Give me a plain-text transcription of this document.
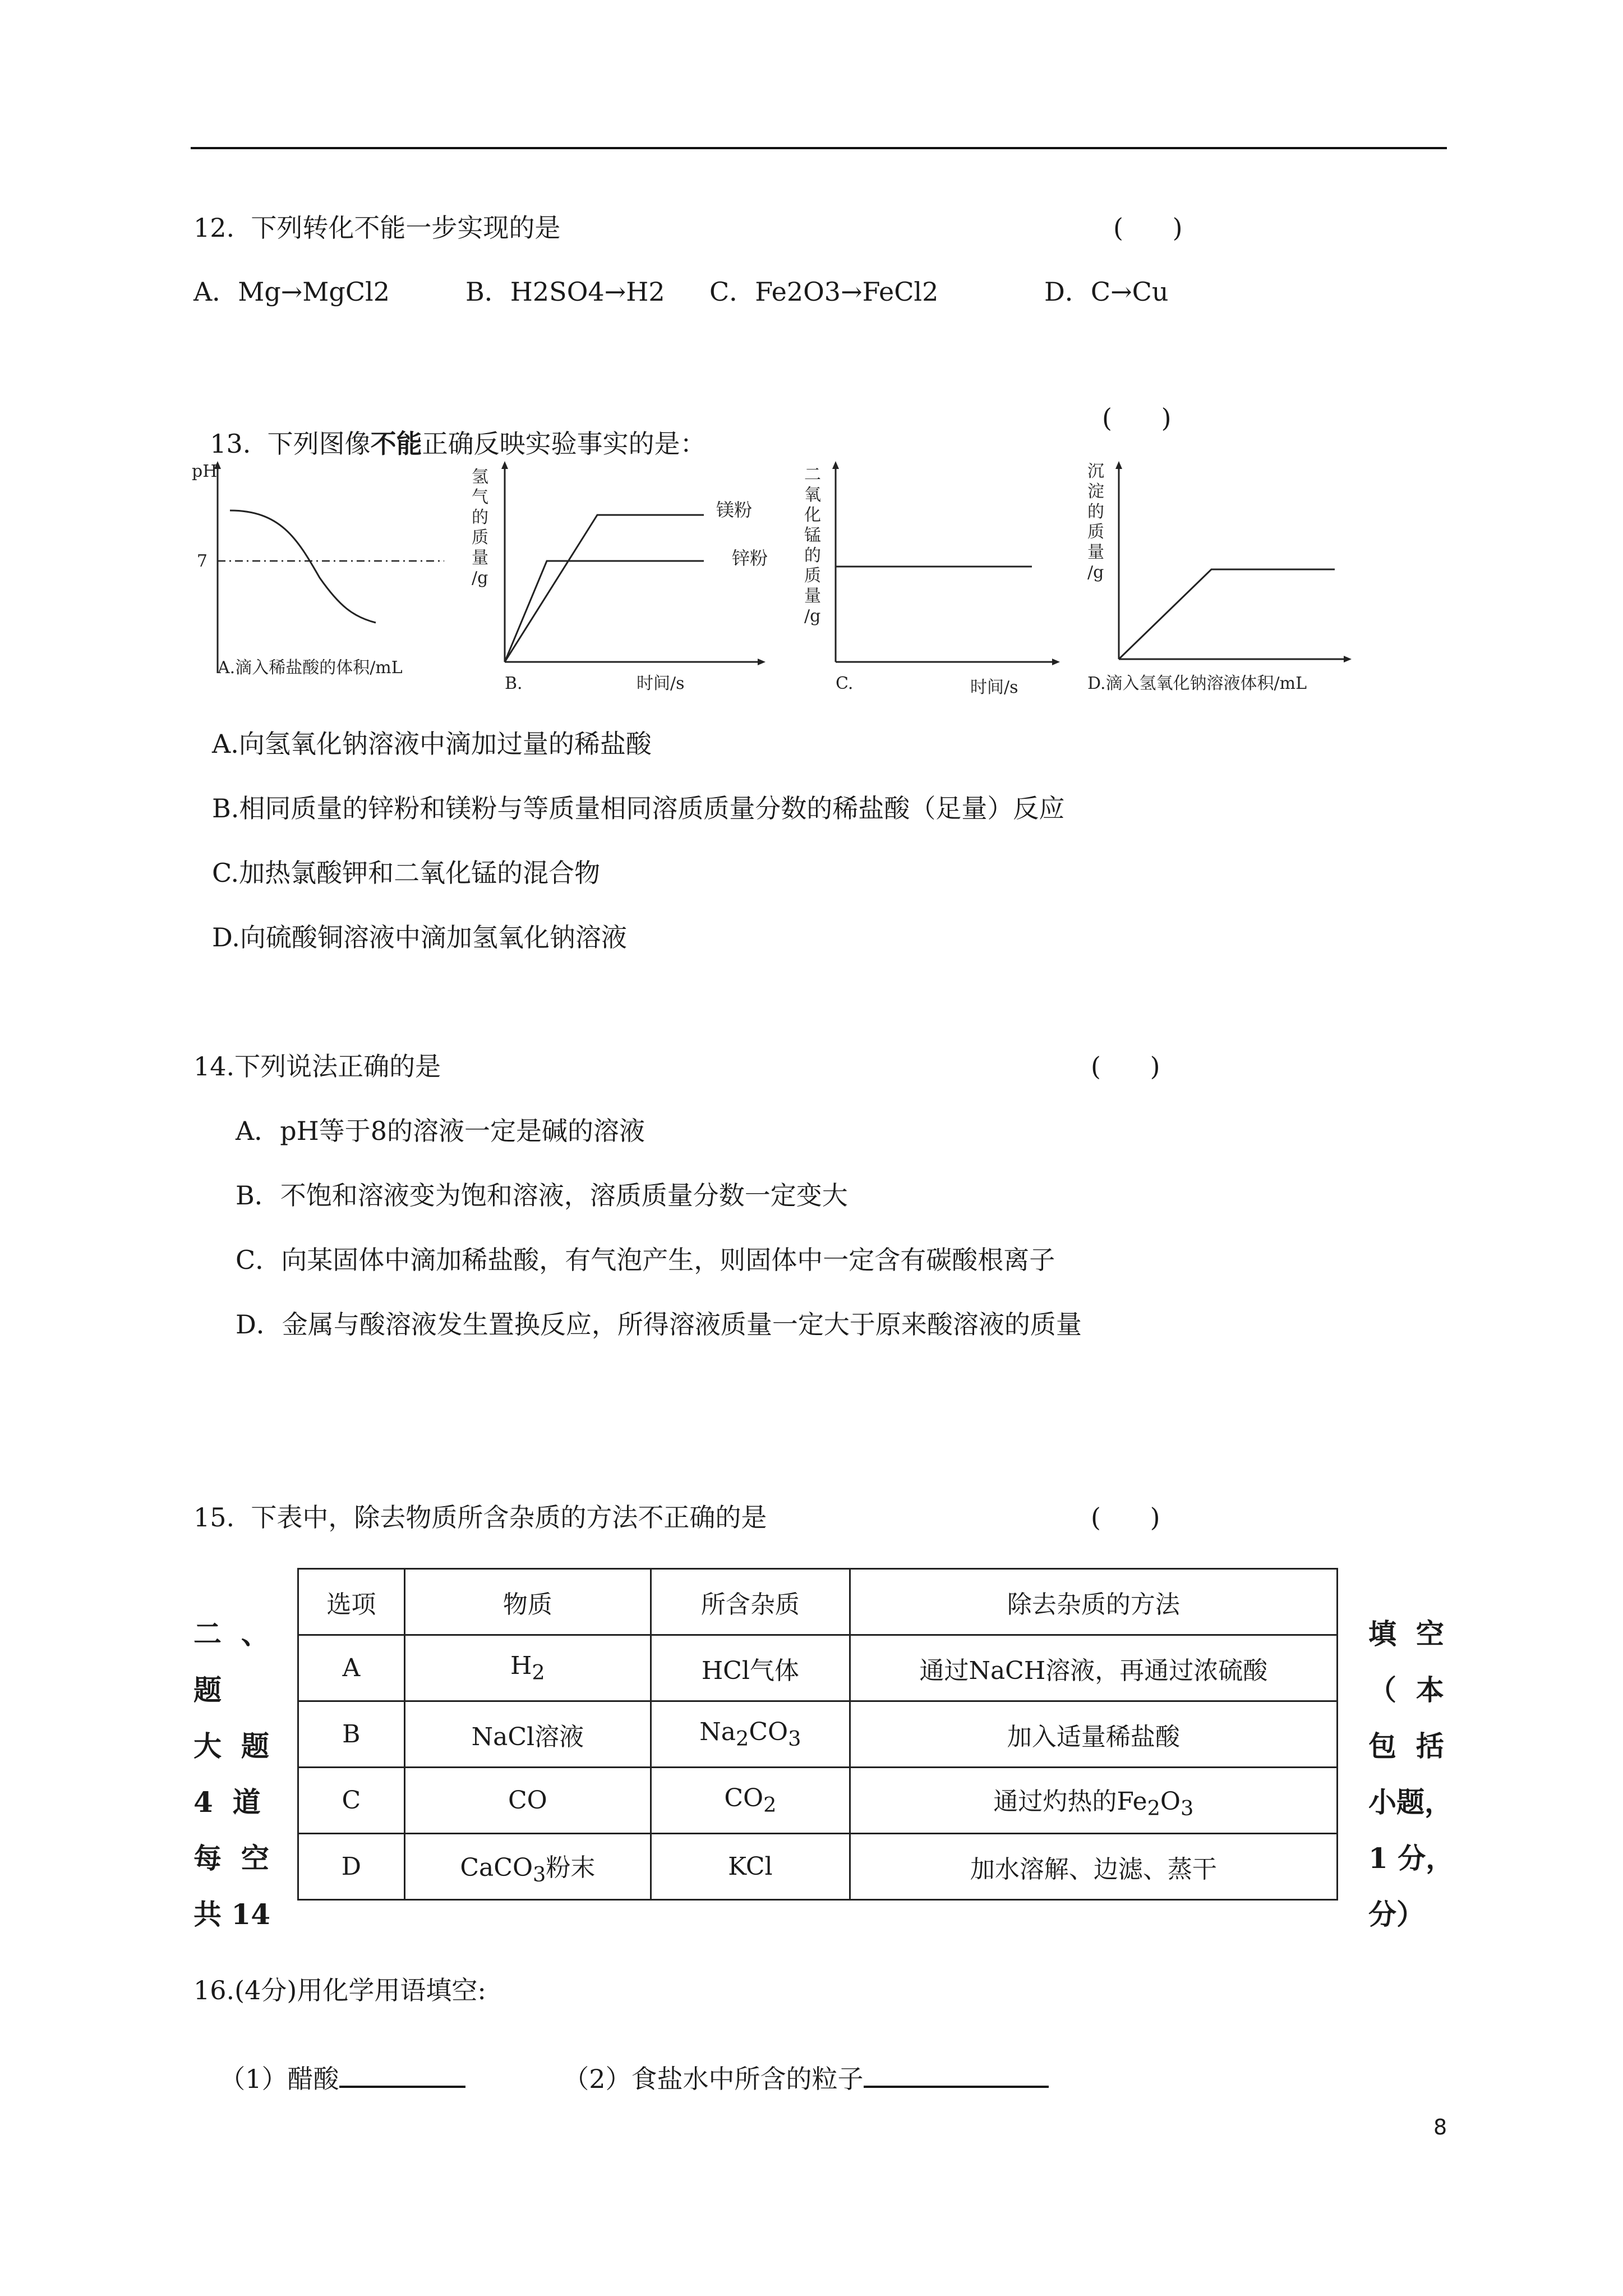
12.  下列转化不能一步实现的是	(      )
A．Mg→MgCl2	B．H2SO4→H2 C．Fe2O3→FeCl2	D．C→Cu

13.  下列图像不能正确反映实验事实的是：

(      )
pH
7
A.滴入稀盐酸的体积/mL
氢
气
的
质
量
/g
镁粉
锌粉
B.	时间/s
二
氧
化
锰
的
质
量
/g
C.	时间/s
沉
淀
的
质
量
/g
D.滴入氢氧化钠溶液体积/mL
A.向氢氧化钠溶液中滴加过量的稀盐酸
B.相同质量的锌粉和镁粉与等质量相同溶质质量分数的稀盐酸（足量）反应
C.加热氯酸钾和二氧化锰的混合物
D.向硫酸铜溶液中滴加氢氧化钠溶液
14.下列说法正确的是	(      )
A．pH等于8的溶液一定是碱的溶液
B．不饱和溶液变为饱和溶液，溶质质量分数一定变大
C．向某固体中滴加稀盐酸，有气泡产生，则固体中一定含有碳酸根离子
D．金属与酸溶液发生置换反应，所得溶液质量一定大于原来酸溶液的质量
15.  下表中，除去物质所含杂质的方法不正确的是	(      )
选项	物质	所含杂质	除去杂质的方法
A	$H_2$	HCl气体	通过NaCH溶液，再通过浓硫酸
B	NaCl溶液	$Na_2CO_3$	加入适量稀盐酸
C	CO	$CO_2$	通过灼热的$Fe_2O_3$
D	CaCO$_3$粉末	KCl	加水溶解、边滤、蒸干
二  、
题
大  题
4  道
每  空
共 14
填  空
（  本
包  括
小题，
1 分，
分）
16.(4分)用化学用语填空:

（1）醋酸	（2）食盐水中所含的粒子

8
